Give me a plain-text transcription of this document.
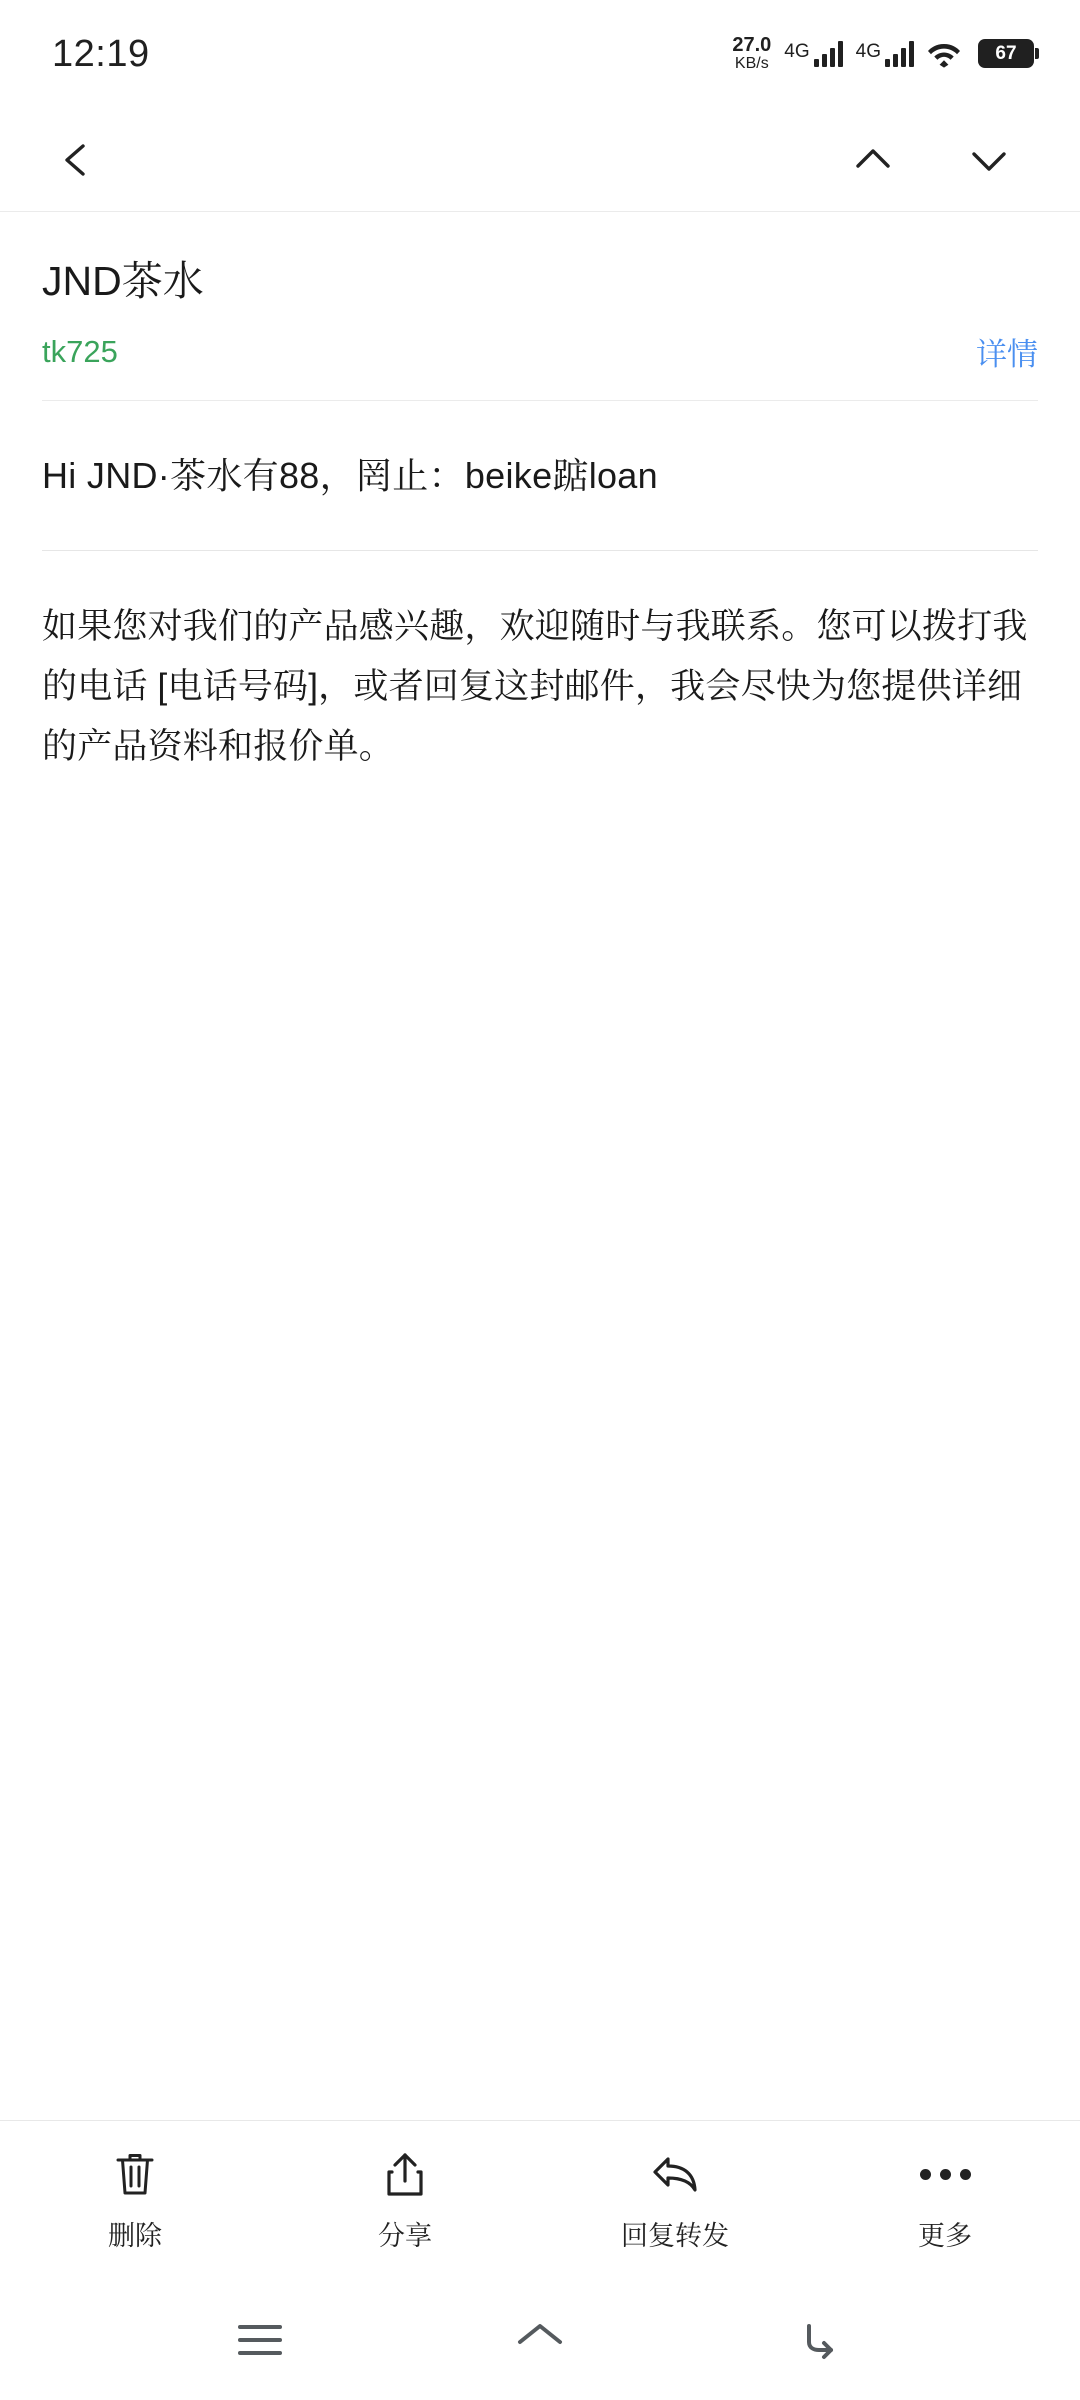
12:19	27.0
KB/s
4G 4G	67
JND茶水
tk725	详情
Hi JND·茶水有88，罔止：beike踮loan
如果您对我们的产品感兴趣，欢迎随时与我联系。您可以拨打我的电话 [电话号码]，或者回复这封邮件，我会尽快为您提供详细的产品资料和报价单。
删除	分享	回复转发	更多
